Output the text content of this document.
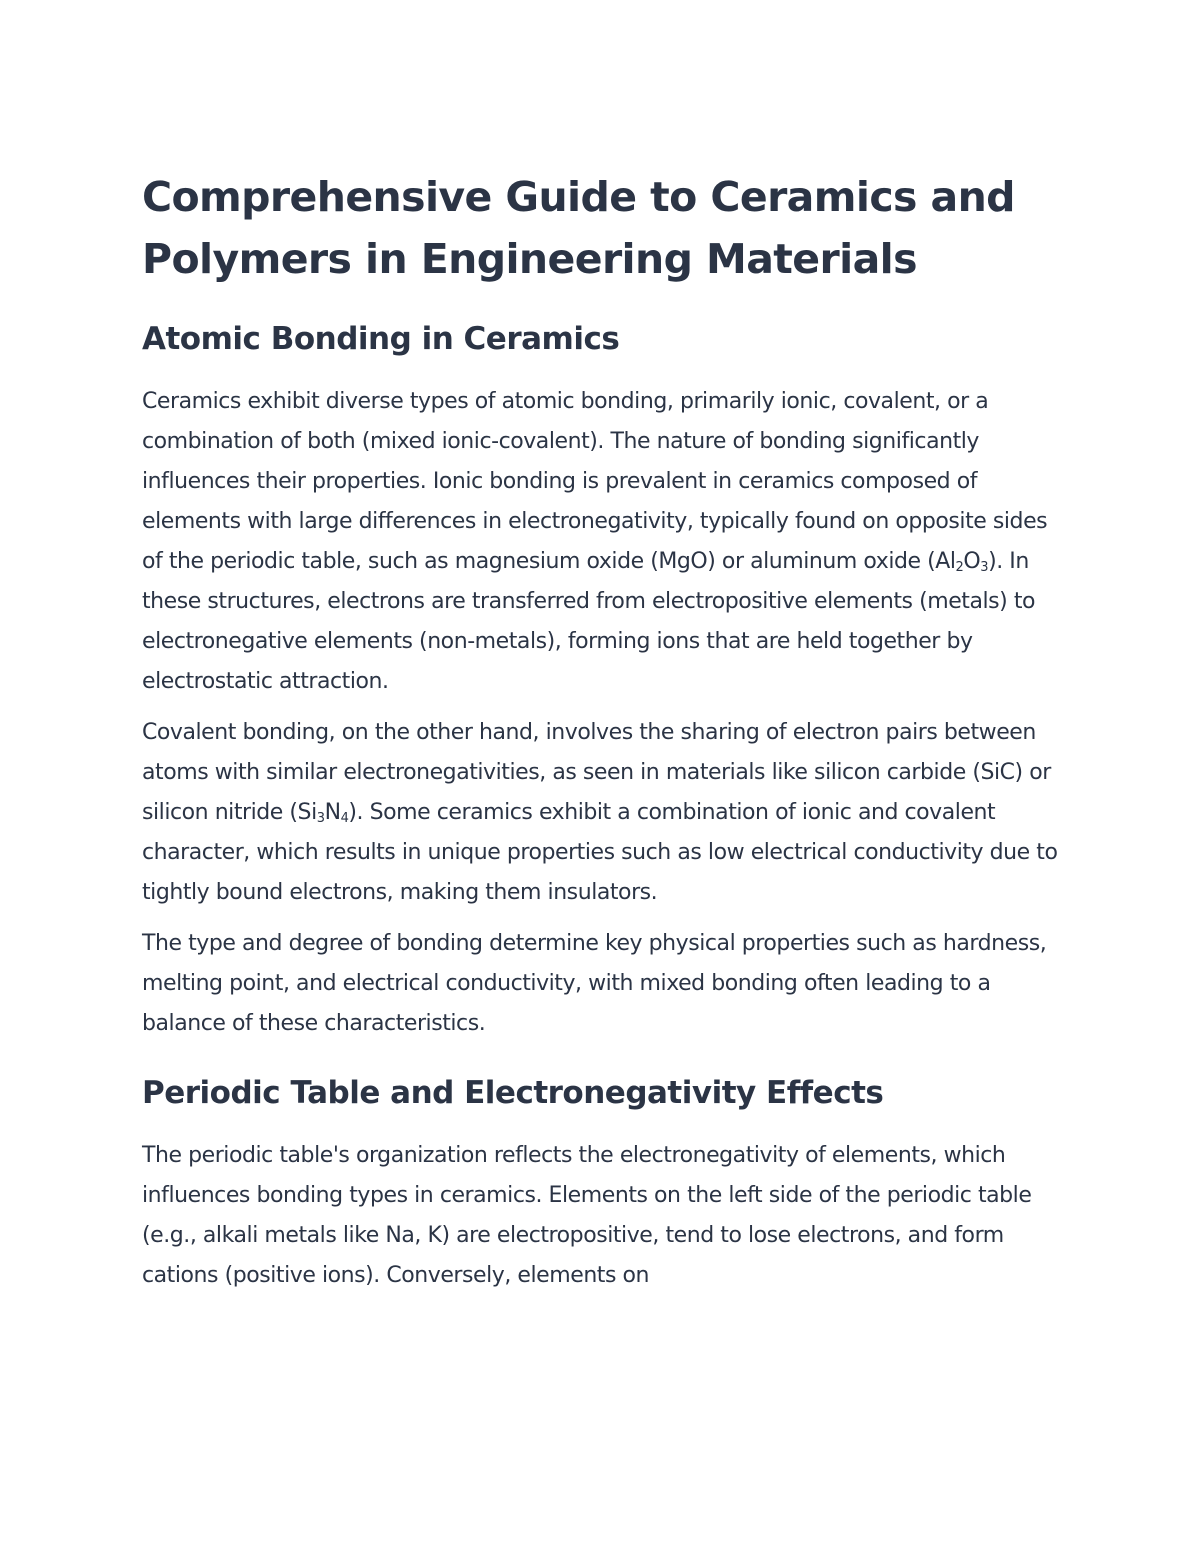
Comprehensive Guide to Ceramics and Polymers in Engineering Materials
Atomic Bonding in Ceramics

Ceramics exhibit diverse types of atomic bonding, primarily ionic, covalent, or a combination of both (mixed ionic-covalent). The nature of bonding significantly influences their properties. Ionic bonding is prevalent in ceramics composed of elements with large differences in electronegativity, typically found on opposite sides of the periodic table, such as magnesium oxide (MgO) or aluminum oxide $(Al_2O_3)$. In these structures, electrons are transferred from electropositive elements (metals) to electronegative elements (non-metals), forming ions that are held together by electrostatic attraction.

Covalent bonding, on the other hand, involves the sharing of electron pairs between atoms with similar electronegativities, as seen in materials like silicon carbide (SiC) or silicon nitride $(Si_3N_4)$. Some ceramics exhibit a combination of ionic and covalent character, which results in unique properties such as low electrical conductivity due to tightly bound electrons, making them insulators.

The type and degree of bonding determine key physical properties such as hardness, melting point, and electrical conductivity, with mixed bonding often leading to a balance of these characteristics.

Periodic Table and Electronegativity Effects

The periodic table's organization reflects the electronegativity of elements, which influences bonding types in ceramics. Elements on the left side of the periodic table (e.g., alkali metals like Na, K) are electropositive, tend to lose electrons, and form cations (positive ions). Conversely, elements on
